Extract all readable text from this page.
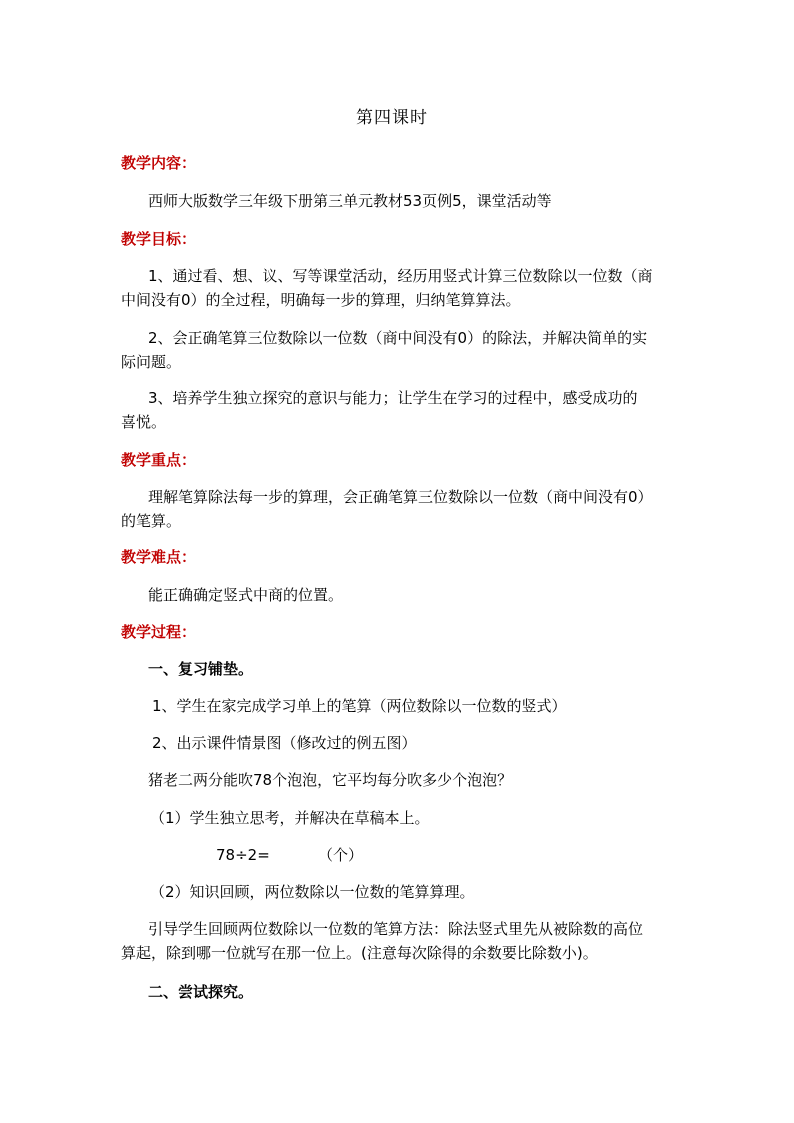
第四课时

教学内容：

西师大版数学三年级下册第三单元教材53页例5，课堂活动等

教学目标：

1、通过看、想、议、写等课堂活动，经历用竖式计算三位数除以一位数（商

中间没有0）的全过程，明确每一步的算理，归纳笔算算法。

2、会正确笔算三位数除以一位数（商中间没有0）的除法，并解决简单的实

际问题。

3、培养学生独立探究的意识与能力；让学生在学习的过程中，感受成功的

喜悦。

教学重点：

理解笔算除法每一步的算理，会正确笔算三位数除以一位数（商中间没有0）

的笔算。

教学难点：

能正确确定竖式中商的位置。

教学过程：

一、复习铺垫。

1、学生在家完成学习单上的笔算（两位数除以一位数的竖式）

2、出示课件情景图（修改过的例五图）

猪老二两分能吹78个泡泡，它平均每分吹多少个泡泡？

（1）学生独立思考，并解决在草稿本上。

78÷2=	（个）

（2）知识回顾，两位数除以一位数的笔算算理。

引导学生回顾两位数除以一位数的笔算方法：除法竖式里先从被除数的高位

算起，除到哪一位就写在那一位上。(注意每次除得的余数要比除数小)。

二、尝试探究。
